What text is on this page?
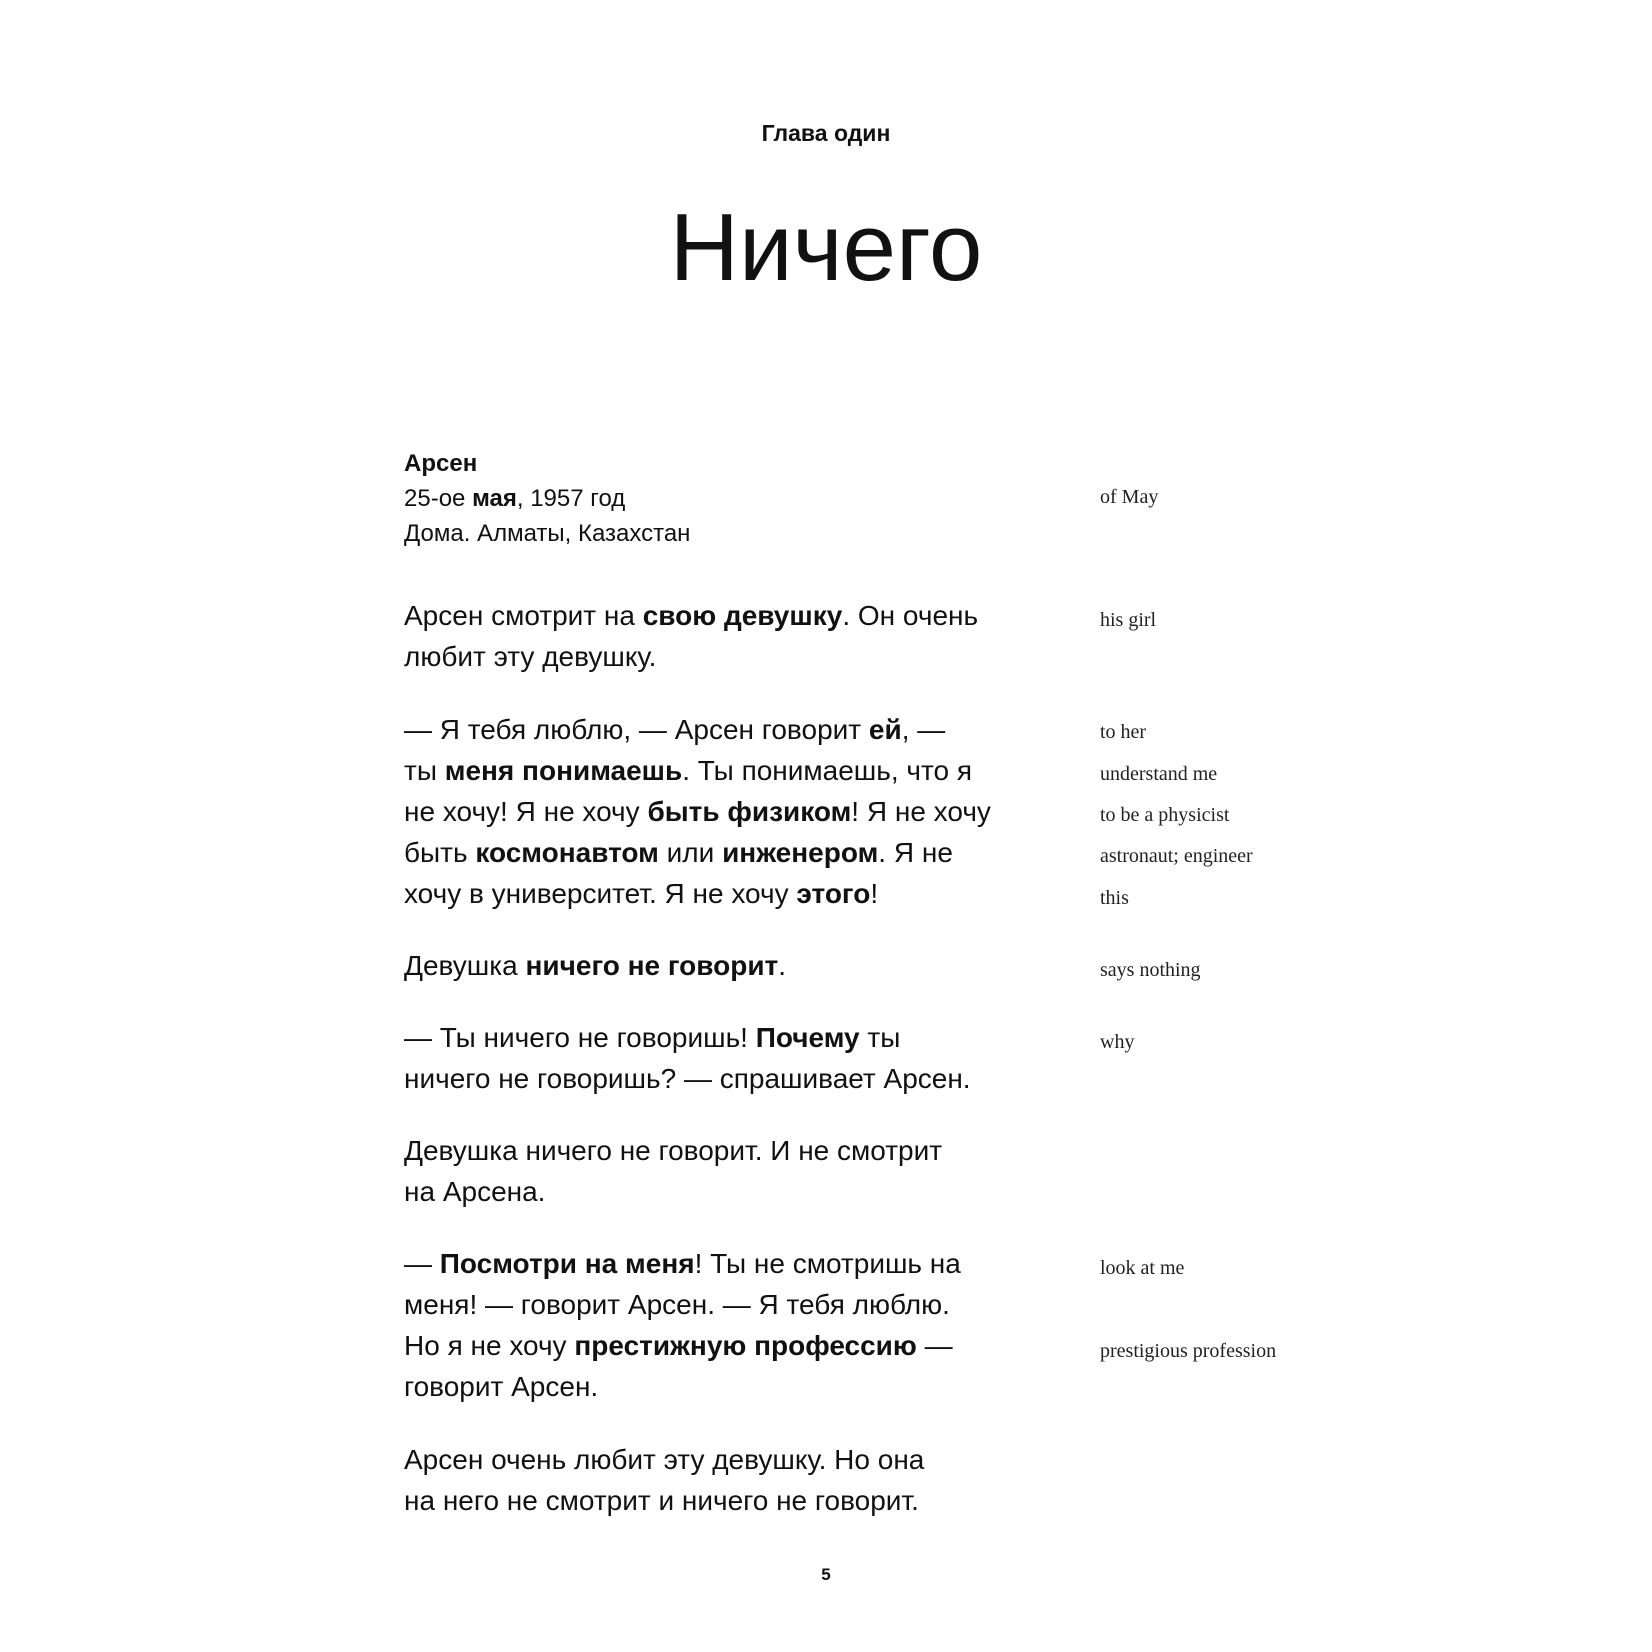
Глава один
Ничего
Арсен
25-ое мая, 1957 год
Дома. Алматы, Казахстан
Арсен смотрит на свою девушку. Он очень
любит эту девушку.
— Я тебя люблю, — Арсен говорит ей, —
ты меня понимаешь. Ты понимаешь, что я
не хочу! Я не хочу быть физиком! Я не хочу
быть космонавтом или инженером. Я не
хочу в университет. Я не хочу этого!
Девушка ничего не говорит.
— Ты ничего не говоришь! Почему ты
ничего не говоришь? — спрашивает Арсен.
Девушка ничего не говорит. И не смотрит
на Арсена.
— Посмотри на меня! Ты не смотришь на
меня! — говорит Арсен. — Я тебя люблю.
Но я не хочу престижную профессию —
говорит Арсен.
Арсен очень любит эту девушку. Но она
на него не смотрит и ничего не говорит.
of May
his girl
to her
understand me
to be a physicist
astronaut; engineer
this
says nothing
why
look at me
prestigious profession
5
